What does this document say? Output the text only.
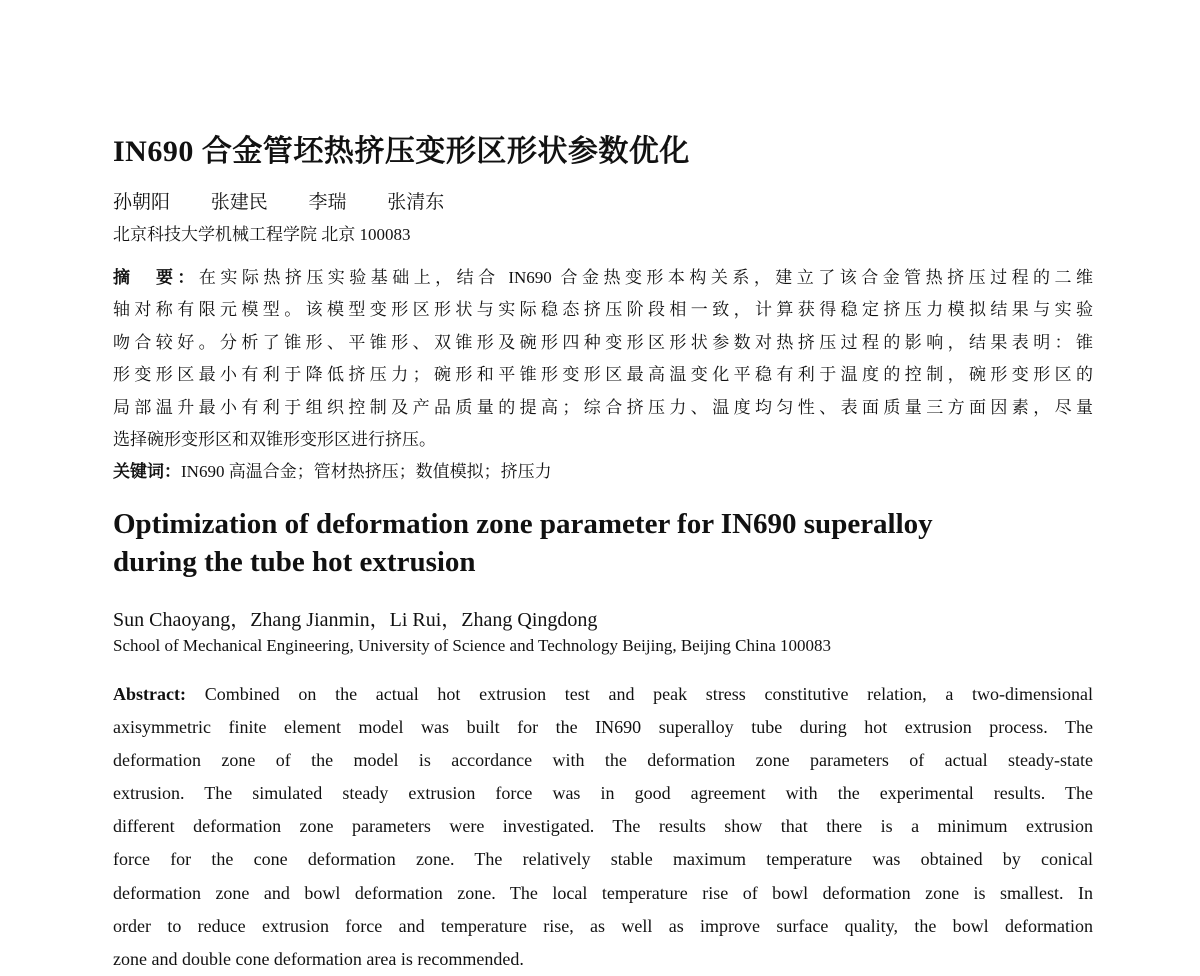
IN690 合金管坯热挤压变形区形状参数优化
孙朝阳 张建民 李瑞 张清东
北京科技大学机械工程学院 北京 100083
摘　要：在实际热挤压实验基础上，结合 IN690 合金热变形本构关系，建立了该合金管热挤压过程的二维
轴对称有限元模型。该模型变形区形状与实际稳态挤压阶段相一致，计算获得稳定挤压力模拟结果与实验
吻合较好。分析了锥形、平锥形、双锥形及碗形四种变形区形状参数对热挤压过程的影响，结果表明：锥
形变形区最小有利于降低挤压力；碗形和平锥形变形区最高温变化平稳有利于温度的控制，碗形变形区的
局部温升最小有利于组织控制及产品质量的提高；综合挤压力、温度均匀性、表面质量三方面因素，尽量
选择碗形变形区和双锥形变形区进行挤压。
关键词：IN690 高温合金；管材热挤压；数值模拟；挤压力
Optimization of deformation zone parameter for IN690 superalloy
during the tube hot extrusion
Sun Chaoyang，Zhang Jianmin，Li Rui，Zhang Qingdong
School of Mechanical Engineering, University of Science and Technology Beijing, Beijing China 100083
Abstract: Combined on the actual hot extrusion test and peak stress constitutive relation, a two-dimensional
axisymmetric finite element model was built for the IN690 superalloy tube during hot extrusion process. The
deformation zone of the model is accordance with the deformation zone parameters of actual steady-state
extrusion. The simulated steady extrusion force was in good agreement with the experimental results. The
different deformation zone parameters were investigated. The results show that there is a minimum extrusion
force for the cone deformation zone. The relatively stable maximum temperature was obtained by conical
deformation zone and bowl deformation zone. The local temperature rise of bowl deformation zone is smallest. In
order to reduce extrusion force and temperature rise, as well as improve surface quality, the bowl deformation
zone and double cone deformation area is recommended.
